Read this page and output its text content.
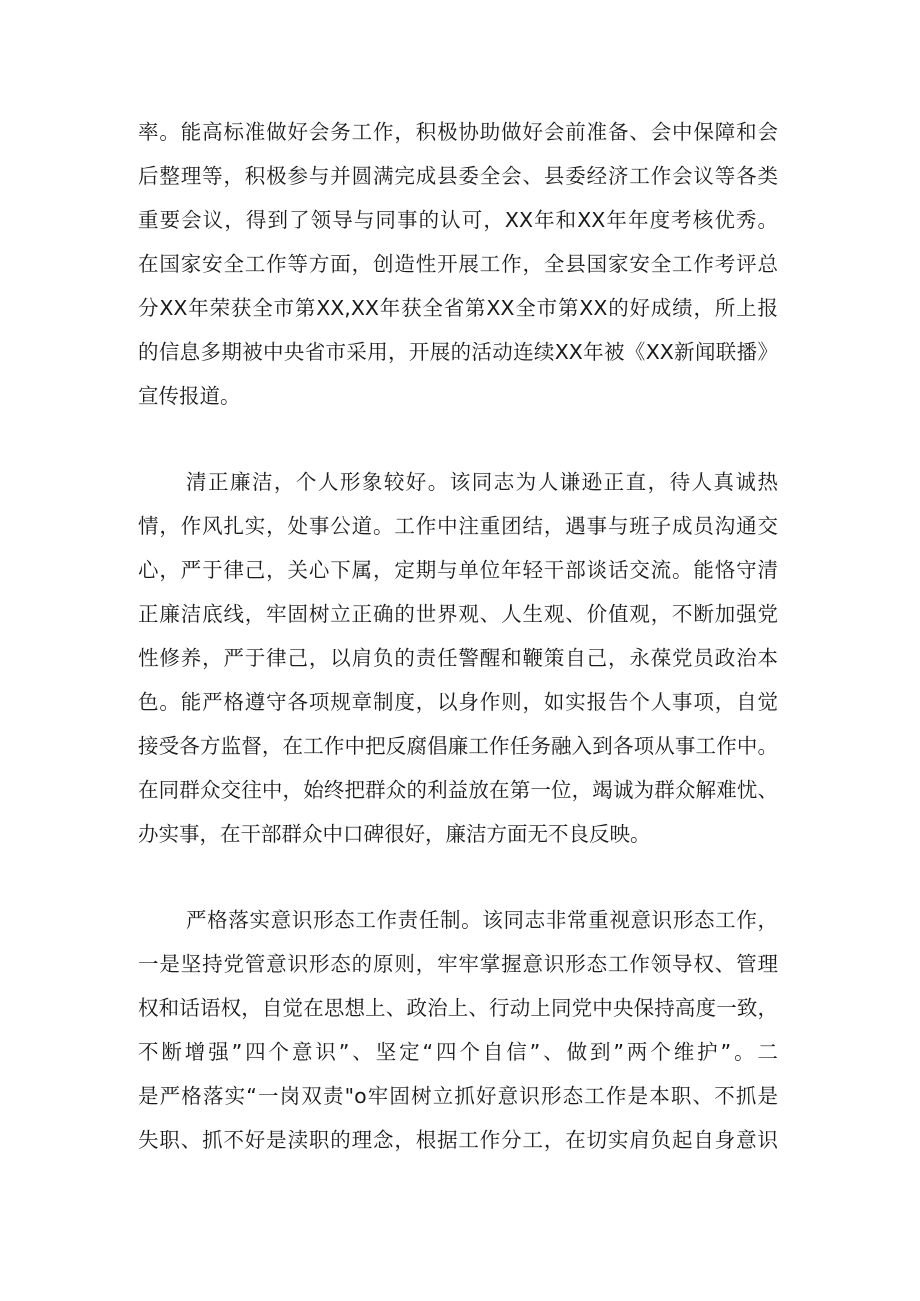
率。能高标准做好会务工作，积极协助做好会前准备、会中保障和会
后整理等，积极参与并圆满完成县委全会、县委经济工作会议等各类
重要会议，得到了领导与同事的认可，XX年和XX年年度考核优秀。
在国家安全工作等方面，创造性开展工作，全县国家安全工作考评总
分XX年荣获全市第XX,XX年获全省第XX全市第XX的好成绩，所上报
的信息多期被中央省市采用，开展的活动连续XX年被《XX新闻联播》
宣传报道。
清正廉洁，个人形象较好。该同志为人谦逊正直，待人真诚热
情，作风扎实，处事公道。工作中注重团结，遇事与班子成员沟通交
心，严于律己，关心下属，定期与单位年轻干部谈话交流。能恪守清
正廉洁底线，牢固树立正确的世界观、人生观、价值观，不断加强党
性修养，严于律己，以肩负的责任警醒和鞭策自己，永葆党员政治本
色。能严格遵守各项规章制度，以身作则，如实报告个人事项，自觉
接受各方监督，在工作中把反腐倡廉工作任务融入到各项从事工作中。
在同群众交往中，始终把群众的利益放在第一位，竭诚为群众解难忧、
办实事，在干部群众中口碑很好，廉洁方面无不良反映。
严格落实意识形态工作责任制。该同志非常重视意识形态工作，
一是坚持党管意识形态的原则，牢牢掌握意识形态工作领导权、管理
权和话语权，自觉在思想上、政治上、行动上同党中央保持高度一致，
不断增强”四个意识”、坚定“四个自信”、做到”两个维护”。二
是严格落实“一岗双责"o牢固树立抓好意识形态工作是本职、不抓是
失职、抓不好是渎职的理念，根据工作分工，在切实肩负起自身意识
